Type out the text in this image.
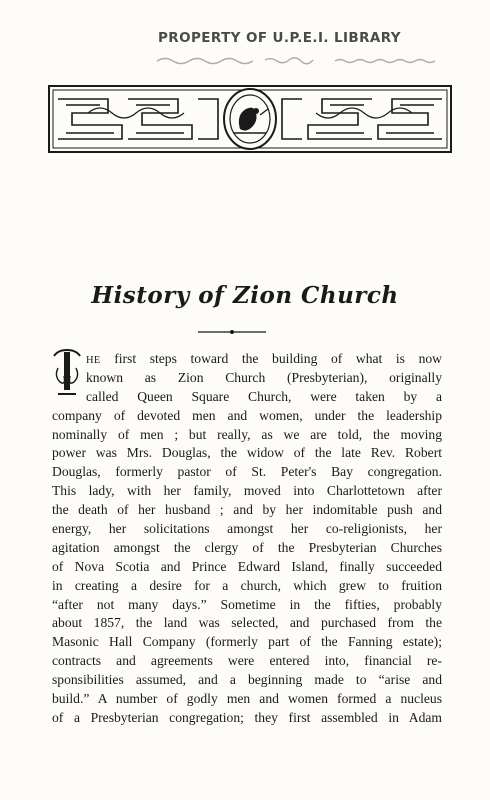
PROPERTY OF U.P.E.I. LIBRARY
History of Zion Church
HE first steps toward the building of what is now
known as Zion Church (Presbyterian), originally
called Queen Square Church, were taken by a
company of devoted men and women, under the leadership
nominally of men ; but really, as we are told, the moving
power was Mrs. Douglas, the widow of the late Rev. Robert
Douglas, formerly pastor of St. Peter's Bay congregation.
This lady, with her family, moved into Charlottetown after
the death of her husband ; and by her indomitable push and
energy, her solicitations amongst her co-religionists, her
agitation amongst the clergy of the Presbyterian Churches
of Nova Scotia and Prince Edward Island, finally succeeded
in creating a desire for a church, which grew to fruition
“after not many days.” Sometime in the fifties, probably
about 1857, the land was selected, and purchased from the
Masonic Hall Company (formerly part of the Fanning estate);
contracts and agreements were entered into, financial re-
sponsibilities assumed, and a beginning made to “arise and
build.” A number of godly men and women formed a nucleus
of a Presbyterian congregation; they first assembled in Adam
